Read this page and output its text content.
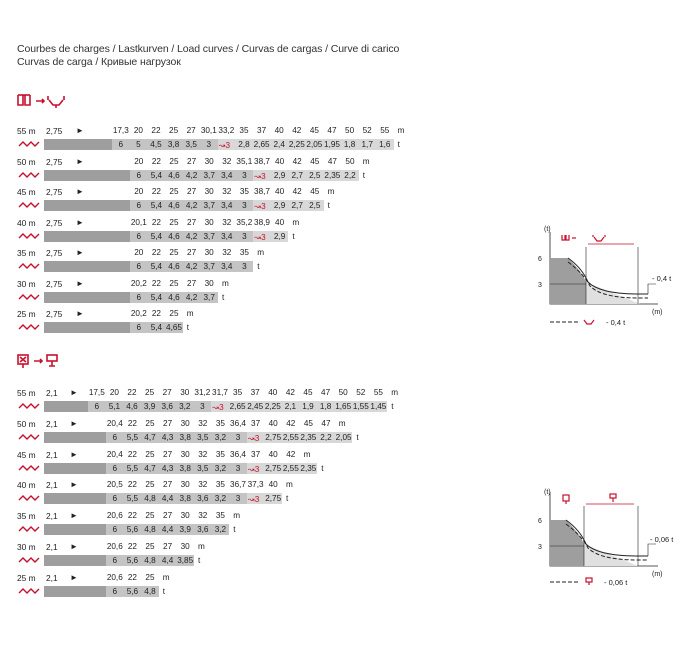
Courbes de charges / Lastkurven / Load curves / Curvas de cargas / Curve di carico
Curvas de carga / Кривые нагрузок
55 m 2,75 ►	17,3 20	22	25	27 30,1 33,2 35	37	40	42	45	47	50	52	55	m
6	5	4,5 3,8 3,5	3 ↝3 2,8 2,65 2,4 2,25 2,05 1,95 1,8 1,7 1,6 t
50 m 2,75 ►	20	22	25	27	30	32 35,1 38,7 40	42	45	47	50	m
6	5,4 4,6 4,2 3,7 3,4	3 ↝3	2,9 2,7 2,5 2,35 2,2 t
45 m 2,75 ►	20	22	25	27	30	32	35 38,7 40	42	45	m
6	5,4 4,6 4,2 3,7 3,4	3 ↝3	2,9 2,7 2,5 t
40 m 2,75 ►	20,1 22	25	27	30	32 35,2 38,9 40	m
6	5,4 4,6 4,2 3,7 3,4	3 ↝3	2,9 t
35 m 2,75 ►	20	22	25	27	30	32	35	m
6	5,4 4,6 4,2 3,7 3,4	3	t
30 m 2,75 ►	20,2 22	25	27	30	m
6	5,4 4,6 4,2 3,7 t
25 m 2,75 ►	20,2 22	25	m
6	5,4 4,65 t
55 m 2,1 ► 17,5 20	22	25	27	30 31,2 31,7 35	37	40	42	45	47	50	52	55	m
6	5,1 4,6 3,9 3,6 3,2	3 ↝3 2,65 2,45 2,25 2,1 1,9 1,8 1,65 1,55 1,45 t
50 m 2,1 ►	20,4 22	25	27	30	32	35 36,4 37	40	42	45	47	m
6	5,5 4,7 4,3 3,8 3,5 3,2	3 ↝3 2,75 2,55 2,35 2,2 2,05 t
45 m 2,1 ►	20,4 22	25	27	30	32	35 36,4 37	40	42	m
6	5,5 4,7 4,3 3,8 3,5 3,2	3 ↝3 2,75 2,55 2,35 t
40 m 2,1 ►	20,5 22	25	27	30	32	35 36,7 37,3 40	m
6	5,5 4,8 4,4 3,8 3,6 3,2	3 ↝3 2,75 t
35 m 2,1 ►	20,6 22	25	27	30	32	35	m
6	5,6 4,8 4,4 3,9 3,6 3,2 t
30 m 2,1 ►	20,6 22	25	27	30	m
6	5,6 4,8 4,4 3,85 t
25 m 2,1 ►	20,6 22	25	m
6	5,6 4,8 t
(t)
6
3
(m)
- 0,4 t
- 0,4 t
(t)
6
3
(m)
- 0,06 t
- 0,06 t
